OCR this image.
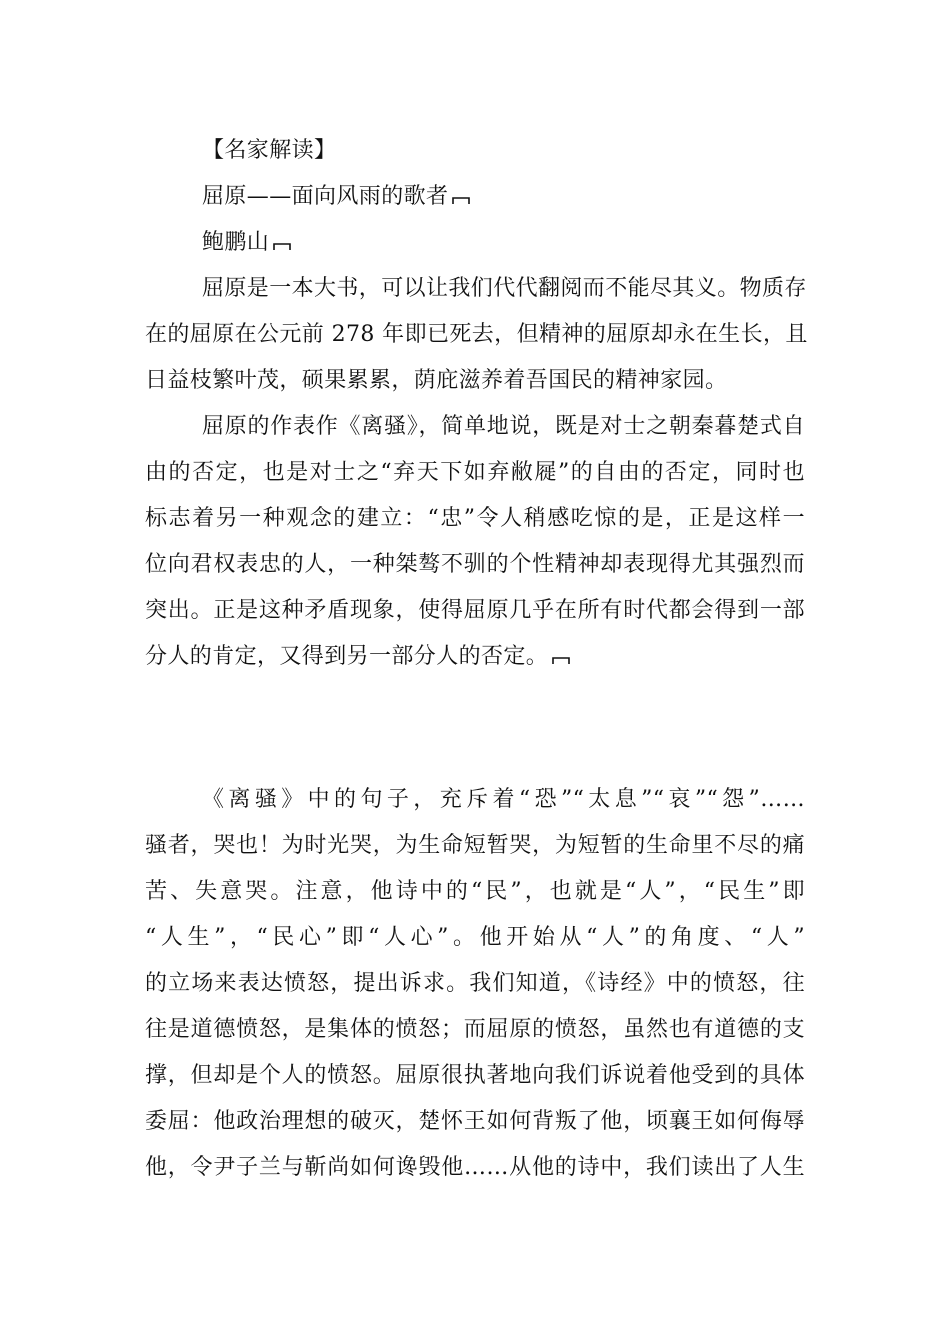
【名家解读】
屈原——面向风雨的歌者
鲍鹏山
屈原是一本大书，可以让我们代代翻阅而不能尽其义。物质存
在的屈原在公元前 278 年即已死去，但精神的屈原却永在生长，且
日益枝繁叶茂，硕果累累，荫庇滋养着吾国民的精神家园。
屈原的作表作《离骚》，简单地说，既是对士之朝秦暮楚式自
由的否定，也是对士之“弃天下如弃敝屣”的自由的否定，同时也
标志着另一种观念的建立：“忠”令人稍感吃惊的是，正是这样一
位向君权表忠的人，一种桀骜不驯的个性精神却表现得尤其强烈而
突出。正是这种矛盾现象，使得屈原几乎在所有时代都会得到一部
分人的肯定，又得到另一部分人的否定。
《离骚》中的句子，充斥着“恐”“太息”“哀”“怨”……
骚者，哭也！为时光哭，为生命短暂哭，为短暂的生命里不尽的痛
苦、失意哭。注意，他诗中的“民”，也就是“人”，“民生”即
“人生”，“民心”即“人心”。他开始从“人”的角度、“人”
的立场来表达愤怒，提出诉求。我们知道，《诗经》中的愤怒，往
往是道德愤怒，是集体的愤怒；而屈原的愤怒，虽然也有道德的支
撑，但却是个人的愤怒。屈原很执著地向我们诉说着他受到的具体
委屈：他政治理想的破灭，楚怀王如何背叛了他，顷襄王如何侮辱
他，令尹子兰与靳尚如何谗毁他……从他的诗中，我们读出了人生
